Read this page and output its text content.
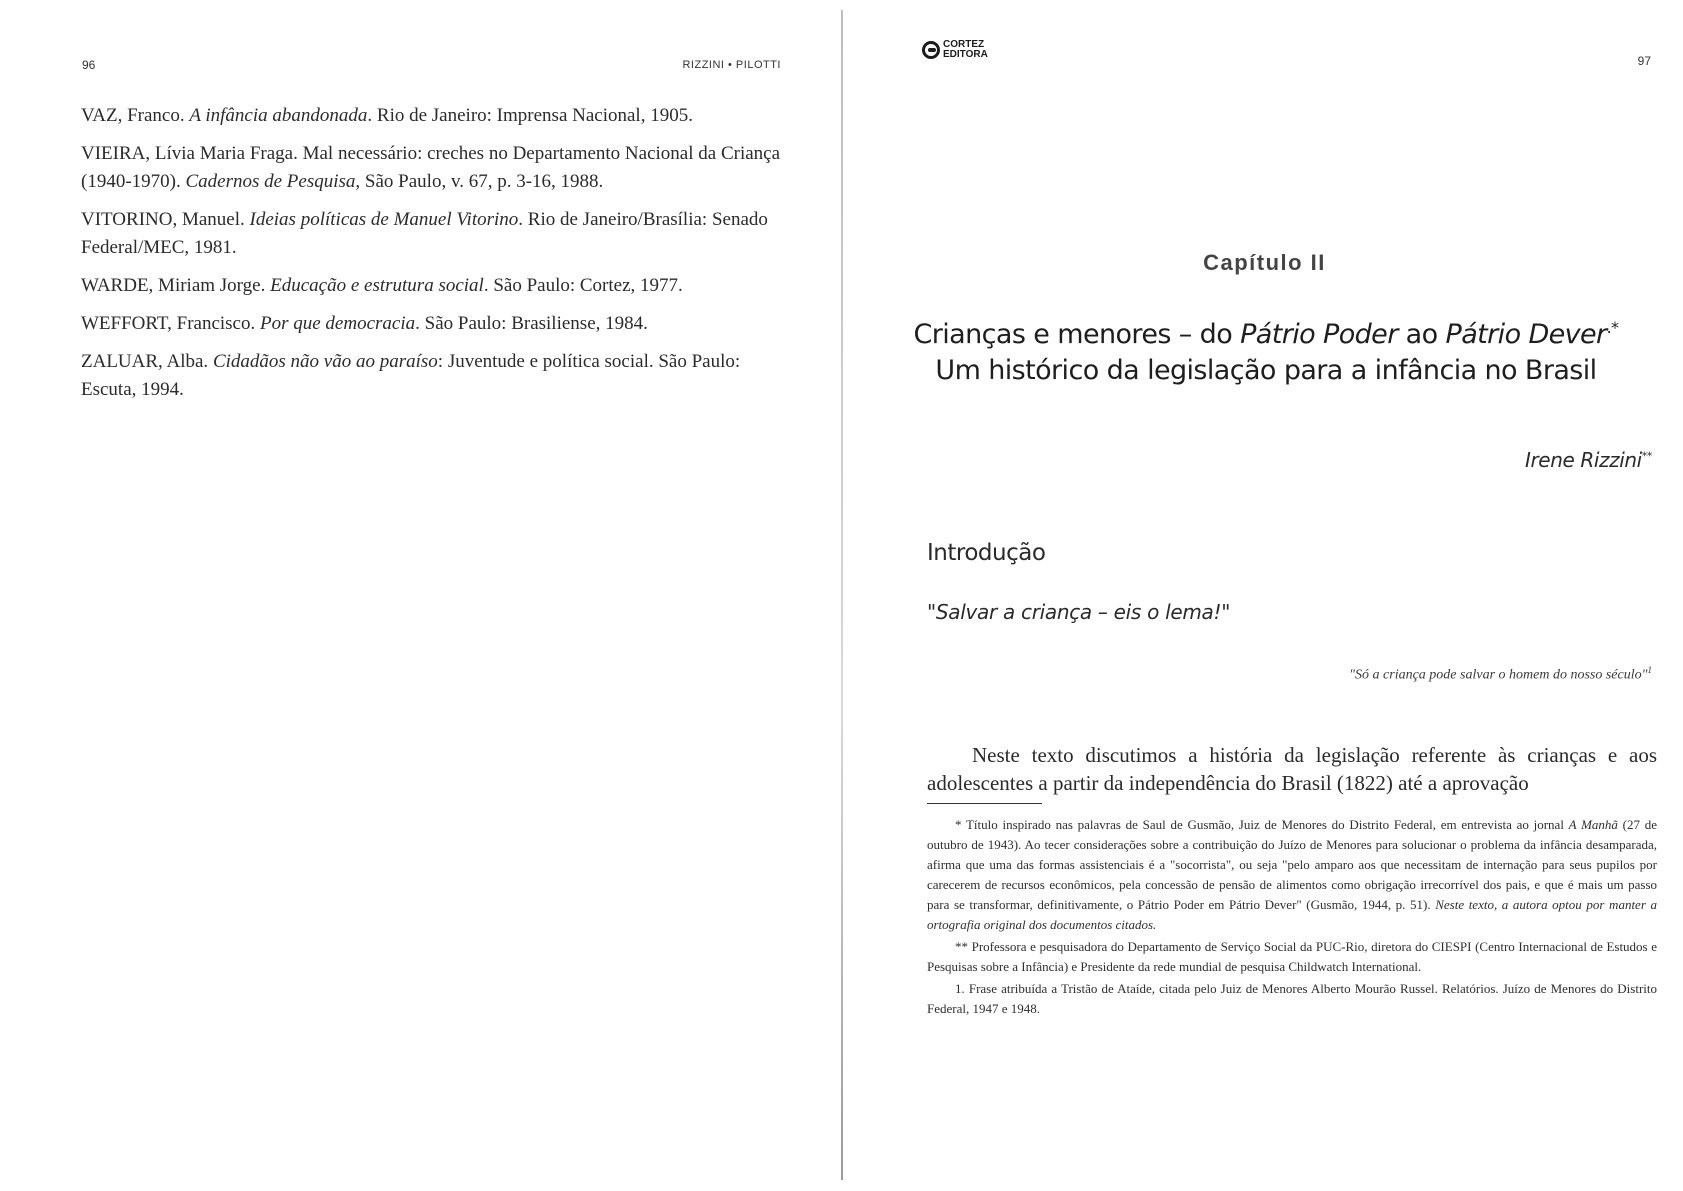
96	RIZZINI • PILOTTI

VAZ, Franco. A infância abandonada. Rio de Janeiro: Imprensa Nacional, 1905.

VIEIRA, Lívia Maria Fraga. Mal necessário: creches no Departamento Nacional da Criança (1940-1970). Cadernos de Pesquisa, São Paulo, v. 67, p. 3-16, 1988.

VITORINO, Manuel. Ideias políticas de Manuel Vitorino. Rio de Janeiro/Brasília: Senado Federal/MEC, 1981.

WARDE, Miriam Jorge. Educação e estrutura social. São Paulo: Cortez, 1977.

WEFFORT, Francisco. Por que democracia. São Paulo: Brasiliense, 1984.

ZALUAR, Alba. Cidadãos não vão ao paraíso: Juventude e política social. São Paulo: Escuta, 1994.

CORTEZ
EDITORA	97
Capítulo II
Crianças e menores – do Pátrio Poder ao Pátrio Dever.*
Um histórico da legislação para a infância no Brasil
Irene Rizzini**
Introdução
"Salvar a criança – eis o lema!"
"Só a criança pode salvar o homem do nosso século"$^1$

Neste texto discutimos a história da legislação referente às crianças e aos adolescentes a partir da independência do Brasil (1822) até a aprovação

* Título inspirado nas palavras de Saul de Gusmão, Juiz de Menores do Distrito Federal, em entrevista ao jornal A Manhã (27 de outubro de 1943). Ao tecer considerações sobre a contribuição do Juízo de Menores para solucionar o problema da infância desamparada, afirma que uma das formas assistenciais é a "socorrista", ou seja "pelo amparo aos que necessitam de internação para seus pupilos por carecerem de recursos econômicos, pela concessão de pensão de alimentos como obrigação irrecorrível dos pais, e que é mais um passo para se transformar, definitivamente, o Pátrio Poder em Pátrio Dever" (Gusmão, 1944, p. 51). Neste texto, a autora optou por manter a ortografia original dos documentos citados.

** Professora e pesquisadora do Departamento de Serviço Social da PUC-Rio, diretora do CIESPI (Centro Internacional de Estudos e Pesquisas sobre a Infância) e Presidente da rede mundial de pesquisa Childwatch International.

1. Frase atribuída a Tristão de Ataíde, citada pelo Juiz de Menores Alberto Mourão Russel. Relatórios. Juízo de Menores do Distrito Federal, 1947 e 1948.
